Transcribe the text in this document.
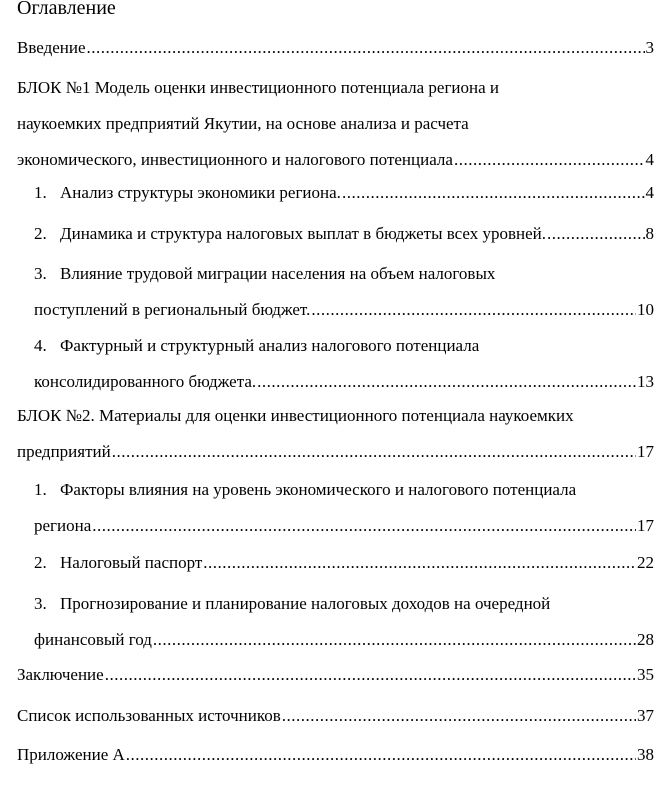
Оглавление
Введение .....	3
БЛОК №1 Модель оценки инвестиционного потенциала региона и
наукоемких предприятий Якутии, на основе анализа и расчета
экономического, инвестиционного и налогового потенциала .....	4
1. Анализ структуры экономики региона. .....	4
2. Динамика и структура налоговых выплат в бюджеты всех уровней. .....	8
3. Влияние трудовой миграции населения на объем налоговых
поступлений в региональный бюджет. .....	10
4. Фактурный и структурный анализ налогового потенциала
консолидированного бюджета. .....	13
БЛОК №2. Материалы для оценки инвестиционного потенциала наукоемких
предприятий .....	17
1. Факторы влияния на уровень экономического и налогового потенциала
региона .....	17
2. Налоговый паспорт .....	22
3. Прогнозирование и планирование налоговых доходов на очередной
финансовый год .....	28
Заключение .....	35
Список использованных источников .....	37
Приложение А .....	38
